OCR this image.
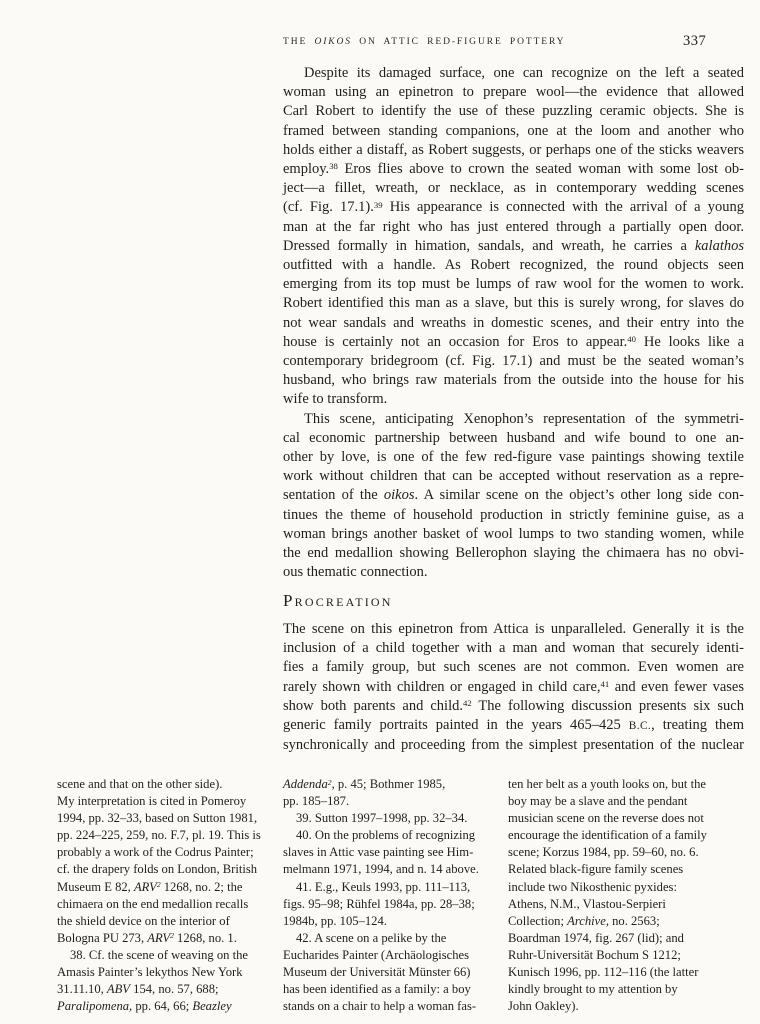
THE OIKOS ON ATTIC RED-FIGURE POTTERY	337
Despite its damaged surface, one can recognize on the left a seated
woman using an epinetron to prepare wool—the evidence that allowed
Carl Robert to identify the use of these puzzling ceramic objects. She is
framed between standing companions, one at the loom and another who
holds either a distaff, as Robert suggests, or perhaps one of the sticks weavers
employ.$^{38}$ Eros flies above to crown the seated woman with some lost ob-
ject—a fillet, wreath, or necklace, as in contemporary wedding scenes
(cf. Fig. 17.1).$^{39}$ His appearance is connected with the arrival of a young
man at the far right who has just entered through a partially open door.
Dressed formally in himation, sandals, and wreath, he carries a kalathos
outfitted with a handle. As Robert recognized, the round objects seen
emerging from its top must be lumps of raw wool for the women to work.
Robert identified this man as a slave, but this is surely wrong, for slaves do
not wear sandals and wreaths in domestic scenes, and their entry into the
house is certainly not an occasion for Eros to appear.$^{40}$ He looks like a
contemporary bridegroom (cf. Fig. 17.1) and must be the seated woman’s
husband, who brings raw materials from the outside into the house for his
wife to transform.
This scene, anticipating Xenophon’s representation of the symmetri-
cal economic partnership between husband and wife bound to one an-
other by love, is one of the few red-figure vase paintings showing textile
work without children that can be accepted without reservation as a repre-
sentation of the oikos. A similar scene on the object’s other long side con-
tinues the theme of household production in strictly feminine guise, as a
woman brings another basket of wool lumps to two standing women, while
the end medallion showing Bellerophon slaying the chimaera has no obvi-
ous thematic connection.
Procreation
The scene on this epinetron from Attica is unparalleled. Generally it is the
inclusion of a child together with a man and woman that securely identi-
fies a family group, but such scenes are not common. Even women are
rarely shown with children or engaged in child care,$^{41}$ and even fewer vases
show both parents and child.$^{42}$ The following discussion presents six such
generic family portraits painted in the years 465–425 B.C., treating them
synchronically and proceeding from the simplest presentation of the nuclear
scene and that on the other side).
My interpretation is cited in Pomeroy
1994, pp. 32–33, based on Sutton 1981,
pp. 224–225, 259, no. F.7, pl. 19. This is
probably a work of the Codrus Painter;
cf. the drapery folds on London, British
Museum E 82, ARV$^2$ 1268, no. 2; the
chimaera on the end medallion recalls
the shield device on the interior of
Bologna PU 273, ARV$^2$ 1268, no. 1.
38. Cf. the scene of weaving on the
Amasis Painter’s lekythos New York
31.11.10, ABV 154, no. 57, 688;
Paralipomena, pp. 64, 66; Beazley
Addenda$^2$, p. 45; Bothmer 1985,
pp. 185–187.
39. Sutton 1997–1998, pp. 32–34.
40. On the problems of recognizing
slaves in Attic vase painting see Him-
melmann 1971, 1994, and n. 14 above.
41. E.g., Keuls 1993, pp. 111–113,
figs. 95–98; Rühfel 1984a, pp. 28–38;
1984b, pp. 105–124.
42. A scene on a pelike by the
Eucharides Painter (Archäologisches
Museum der Universität Münster 66)
has been identified as a family: a boy
stands on a chair to help a woman fas-
ten her belt as a youth looks on, but the
boy may be a slave and the pendant
musician scene on the reverse does not
encourage the identification of a family
scene; Korzus 1984, pp. 59–60, no. 6.
Related black-figure family scenes
include two Nikosthenic pyxides:
Athens, N.M., Vlastou-Serpieri
Collection; Archive, no. 2563;
Boardman 1974, fig. 267 (lid); and
Ruhr-Universität Bochum S 1212;
Kunisch 1996, pp. 112–116 (the latter
kindly brought to my attention by
John Oakley).
